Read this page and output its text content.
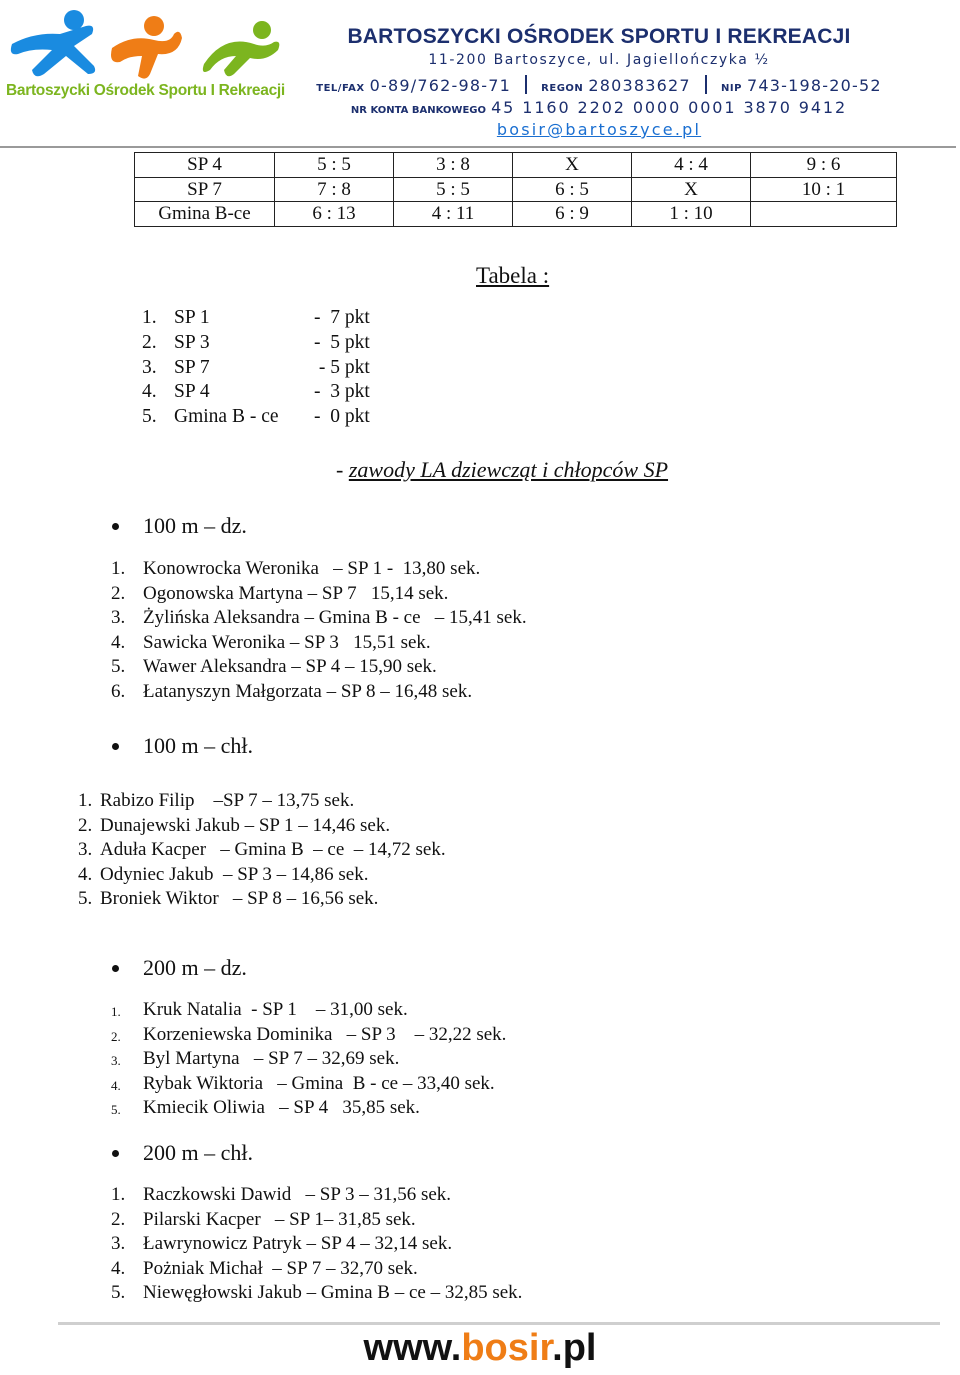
Bartoszycki Ośrodek Sportu I Rekreacji
BARTOSZYCKI OŚRODEK SPORTU I REKREACJI
11-200 Bartoszyce, ul. Jagiellończyka ½
TEL/FAX 0-89/762-98-71	REGON 280383627	NIP 743-198-20-52
NR KONTA BANKOWEGO 45 1160 2202 0000 0001 3870 9412
bosir@bartoszyce.pl
SP 4	5 : 5	3 : 8	X	4 : 4	9 : 6
SP 7	7 : 8	5 : 5	6 : 5	X	10 : 1
Gmina B-ce	6 : 13	4 : 11	6 : 9	1 : 10	
Tabela :
1. SP 1	-  7 pkt
2. SP 3	-  5 pkt
3. SP 7	- 5 pkt
4. SP 4	-  3 pkt
5. Gmina B - ce -  0 pkt
- zawody LA dziewcząt i chłopców SP
100 m – dz.
1. Konowrocka Weronika   – SP 1 -  13,80 sek.
2. Ogonowska Martyna – SP 7   15,14 sek.
3. Żylińska Aleksandra – Gmina B - ce   – 15,41 sek.
4. Sawicka Weronika – SP 3   15,51 sek.
5. Wawer Aleksandra – SP 4 – 15,90 sek.
6. Łatanyszyn Małgorzata – SP 8 – 16,48 sek.
100 m – chł.
1. Rabizo Filip    –SP 7 – 13,75 sek.
2. Dunajewski Jakub – SP 1 – 14,46 sek.
3. Aduła Kacper   – Gmina B  – ce  – 14,72 sek.
4. Odyniec Jakub  – SP 3 – 14,86 sek.
5. Broniek Wiktor   – SP 8 – 16,56 sek.
200 m – dz.
1. Kruk Natalia  - SP 1    – 31,00 sek.
2. Korzeniewska Dominika   – SP 3    – 32,22 sek.
3. Byl Martyna   – SP 7 – 32,69 sek.
4. Rybak Wiktoria   – Gmina  B - ce – 33,40 sek.
5. Kmiecik Oliwia   – SP 4   35,85 sek.
200 m – chł.
1. Raczkowski Dawid   – SP 3 – 31,56 sek.
2. Pilarski Kacper   – SP 1– 31,85 sek.
3. Ławrynowicz Patryk – SP 4 – 32,14 sek.
4. Pożniak Michał  – SP 7 – 32,70 sek.
5. Niewęgłowski Jakub – Gmina B – ce – 32,85 sek.
www.bosir.pl
